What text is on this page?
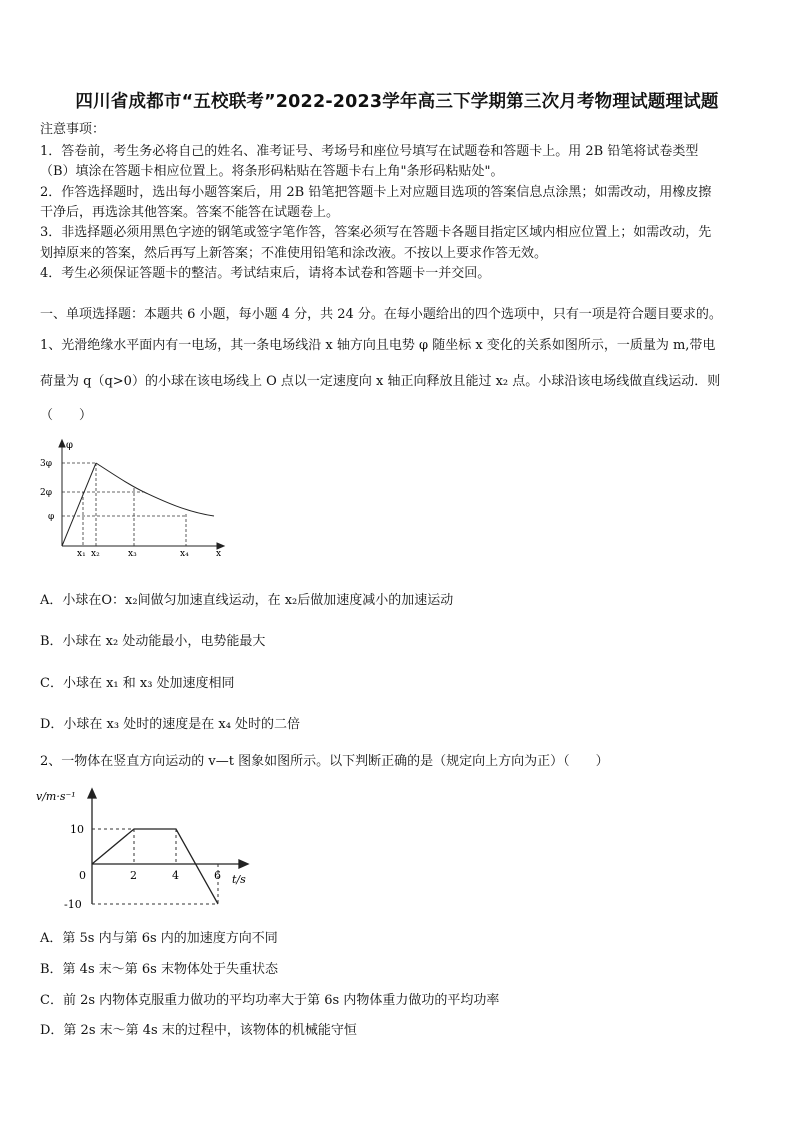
四川省成都市“五校联考”2022-2023学年高三下学期第三次月考物理试题理试题
注意事项：
1．答卷前，考生务必将自己的姓名、准考证号、考场号和座位号填写在试题卷和答题卡上。用 2B 铅笔将试卷类型
（B）填涂在答题卡相应位置上。将条形码粘贴在答题卡右上角"条形码粘贴处"。
2．作答选择题时，选出每小题答案后，用 2B 铅笔把答题卡上对应题目选项的答案信息点涂黑；如需改动，用橡皮擦
干净后，再选涂其他答案。答案不能答在试题卷上。
3．非选择题必须用黑色字迹的钢笔或签字笔作答，答案必须写在答题卡各题目指定区域内相应位置上；如需改动，先
划掉原来的答案，然后再写上新答案；不准使用铅笔和涂改液。不按以上要求作答无效。
4．考生必须保证答题卡的整洁。考试结束后，请将本试卷和答题卡一并交回。
一、单项选择题：本题共 6 小题，每小题 4 分，共 24 分。在每小题给出的四个选项中，只有一项是符合题目要求的。
1、光滑绝缘水平面内有一电场，其一条电场线沿 x 轴方向且电势 φ 随坐标 x 变化的关系如图所示，一质量为 m,带电
荷量为 q（q>0）的小球在该电场线上 O 点以一定速度向 x 轴正向释放且能过 x₂ 点。小球沿该电场线做直线运动．则
（　　）
φ
3φ
2φ
φ
x₁ x₂	x₃	x₄	x
A．小球在O：x₂间做匀加速直线运动，在 x₂后做加速度减小的加速运动
B．小球在 x₂ 处动能最小，电势能最大
C．小球在 x₁ 和 x₃ 处加速度相同
D．小球在 x₃ 处时的速度是在 x₄ 处时的二倍
2、一物体在竖直方向运动的 v—t 图象如图所示。以下判断正确的是（规定向上方向为正）（　　）
v/m·s⁻¹
10
-10
0	2	4	6 t/s
A．第 5s 内与第 6s 内的加速度方向不同
B．第 4s 末～第 6s 末物体处于失重状态
C．前 2s 内物体克服重力做功的平均功率大于第 6s 内物体重力做功的平均功率
D．第 2s 末～第 4s 末的过程中，该物体的机械能守恒
